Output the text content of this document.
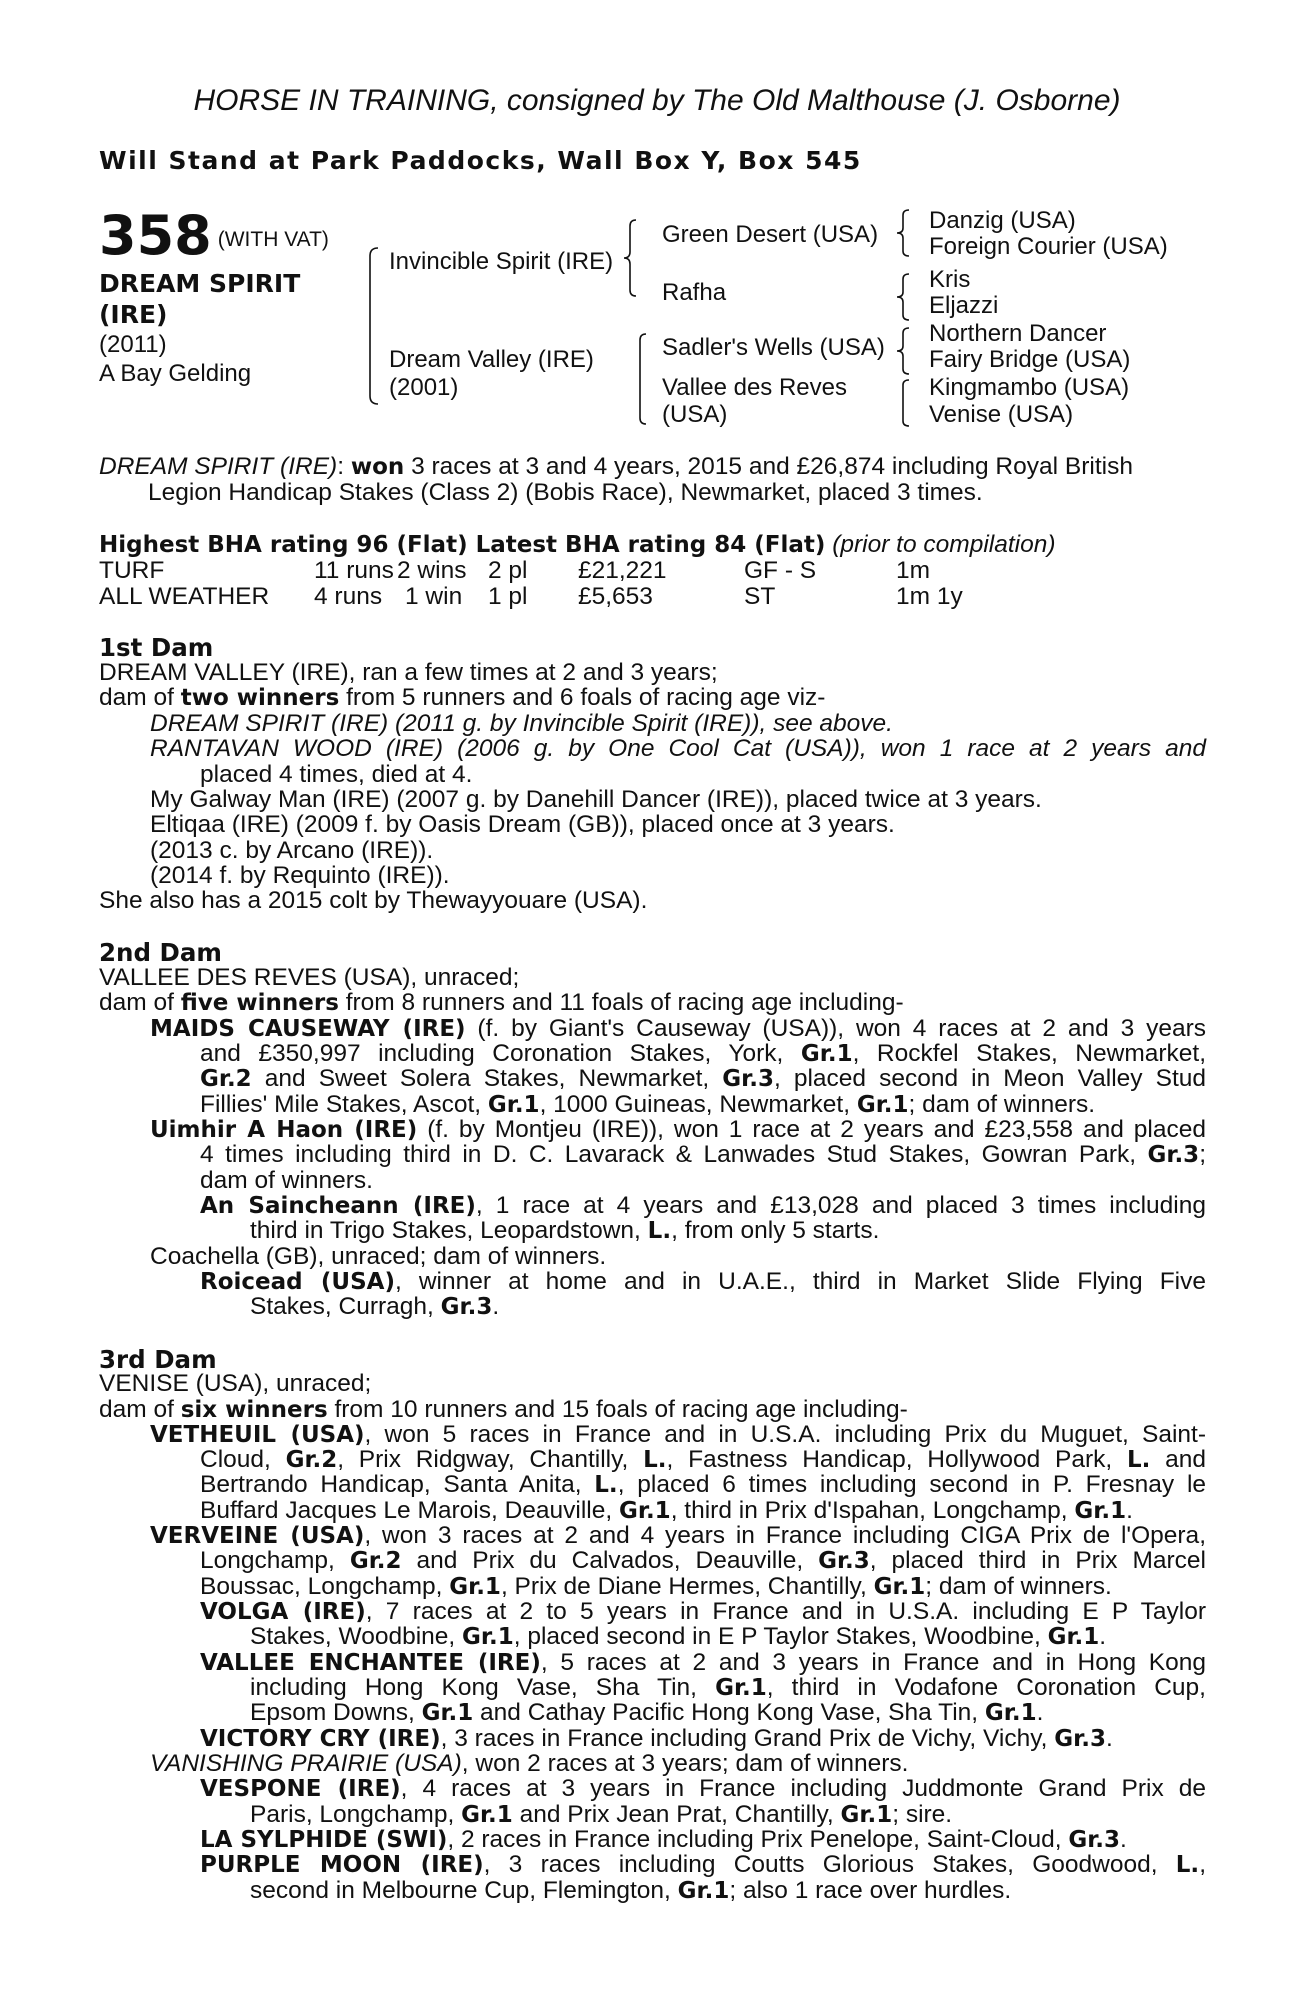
HORSE IN TRAINING, consigned by The Old Malthouse (J. Osborne)
Will Stand at Park Paddocks, Wall Box Y, Box 545
358 (WITH VAT)
DREAM SPIRIT
(IRE)
(2011)
A Bay Gelding
Invincible Spirit (IRE)
Dream Valley (IRE)
(2001)
Green Desert (USA)
Rafha
Sadler's Wells (USA)
Vallee des Reves
(USA)
Danzig (USA)
Foreign Courier (USA)
Kris
Eljazzi
Northern Dancer
Fairy Bridge (USA)
Kingmambo (USA)
Venise (USA)
DREAM SPIRIT (IRE): won 3 races at 3 and 4 years, 2015 and £26,874 including Royal British
Legion Handicap Stakes (Class 2) (Bobis Race), Newmarket, placed 3 times.
Highest BHA rating 96 (Flat) Latest BHA rating 84 (Flat) (prior to compilation)
TURF	11 runs 2 wins 2 pl £21,221	GF - S	1m
ALL WEATHER 4 runs 1 win 1 pl £5,653	ST	1m 1y
1st Dam
DREAM VALLEY (IRE), ran a few times at 2 and 3 years;
dam of two winners from 5 runners and 6 foals of racing age viz-
DREAM SPIRIT (IRE) (2011 g. by Invincible Spirit (IRE)), see above.
RANTAVAN WOOD (IRE) (2006 g. by One Cool Cat (USA)), won 1 race at 2 years and
placed 4 times, died at 4.
My Galway Man (IRE) (2007 g. by Danehill Dancer (IRE)), placed twice at 3 years.
Eltiqaa (IRE) (2009 f. by Oasis Dream (GB)), placed once at 3 years.
(2013 c. by Arcano (IRE)).
(2014 f. by Requinto (IRE)).
She also has a 2015 colt by Thewayyouare (USA).
2nd Dam
VALLEE DES REVES (USA), unraced;
dam of five winners from 8 runners and 11 foals of racing age including-
MAIDS CAUSEWAY (IRE) (f. by Giant's Causeway (USA)), won 4 races at 2 and 3 years
and £350,997 including Coronation Stakes, York, Gr.1, Rockfel Stakes, Newmarket,
Gr.2 and Sweet Solera Stakes, Newmarket, Gr.3, placed second in Meon Valley Stud
Fillies' Mile Stakes, Ascot, Gr.1, 1000 Guineas, Newmarket, Gr.1; dam of winners.
Uimhir A Haon (IRE) (f. by Montjeu (IRE)), won 1 race at 2 years and £23,558 and placed
4 times including third in D. C. Lavarack & Lanwades Stud Stakes, Gowran Park, Gr.3;
dam of winners.
An Saincheann (IRE), 1 race at 4 years and £13,028 and placed 3 times including
third in Trigo Stakes, Leopardstown, L., from only 5 starts.
Coachella (GB), unraced; dam of winners.
Roicead (USA), winner at home and in U.A.E., third in Market Slide Flying Five
Stakes, Curragh, Gr.3.
3rd Dam
VENISE (USA), unraced;
dam of six winners from 10 runners and 15 foals of racing age including-
VETHEUIL (USA), won 5 races in France and in U.S.A. including Prix du Muguet, Saint-
Cloud, Gr.2, Prix Ridgway, Chantilly, L., Fastness Handicap, Hollywood Park, L. and
Bertrando Handicap, Santa Anita, L., placed 6 times including second in P. Fresnay le
Buffard Jacques Le Marois, Deauville, Gr.1, third in Prix d'Ispahan, Longchamp, Gr.1.
VERVEINE (USA), won 3 races at 2 and 4 years in France including CIGA Prix de l'Opera,
Longchamp, Gr.2 and Prix du Calvados, Deauville, Gr.3, placed third in Prix Marcel
Boussac, Longchamp, Gr.1, Prix de Diane Hermes, Chantilly, Gr.1; dam of winners.
VOLGA (IRE), 7 races at 2 to 5 years in France and in U.S.A. including E P Taylor
Stakes, Woodbine, Gr.1, placed second in E P Taylor Stakes, Woodbine, Gr.1.
VALLEE ENCHANTEE (IRE), 5 races at 2 and 3 years in France and in Hong Kong
including Hong Kong Vase, Sha Tin, Gr.1, third in Vodafone Coronation Cup,
Epsom Downs, Gr.1 and Cathay Pacific Hong Kong Vase, Sha Tin, Gr.1.
VICTORY CRY (IRE), 3 races in France including Grand Prix de Vichy, Vichy, Gr.3.
VANISHING PRAIRIE (USA), won 2 races at 3 years; dam of winners.
VESPONE (IRE), 4 races at 3 years in France including Juddmonte Grand Prix de
Paris, Longchamp, Gr.1 and Prix Jean Prat, Chantilly, Gr.1; sire.
LA SYLPHIDE (SWI), 2 races in France including Prix Penelope, Saint-Cloud, Gr.3.
PURPLE MOON (IRE), 3 races including Coutts Glorious Stakes, Goodwood, L.,
second in Melbourne Cup, Flemington, Gr.1; also 1 race over hurdles.
